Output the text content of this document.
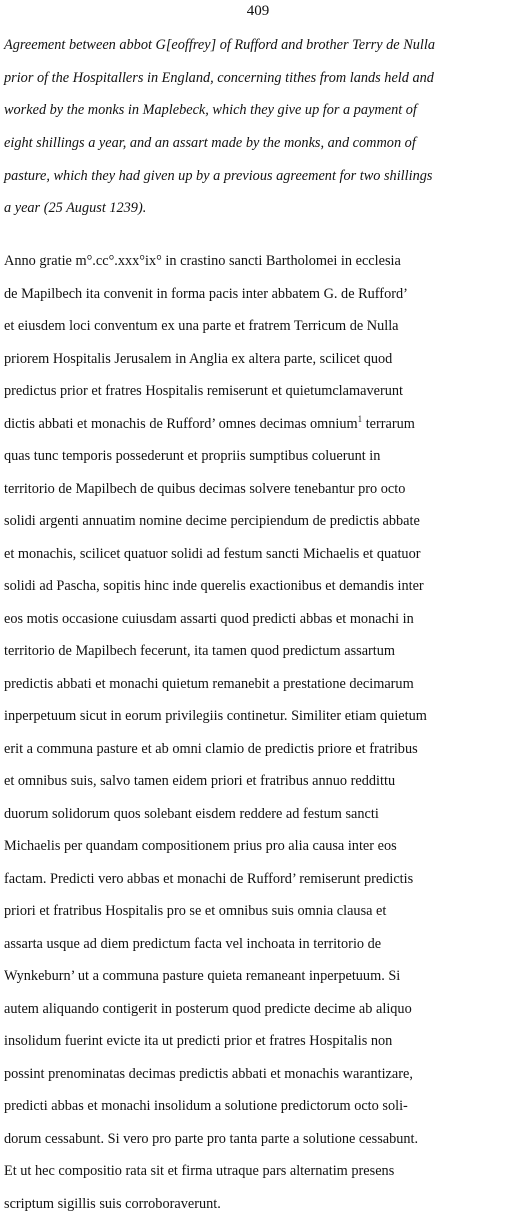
409

Agreement between abbot G[eoffrey] of Rufford and brother Terry de Nulla

prior of the Hospitallers in England, concerning tithes from lands held and

worked by the monks in Maplebeck, which they give up for a payment of

eight shillings a year, and an assart made by the monks, and common of

pasture, which they had given up by a previous agreement for two shillings

a year (25 August 1239).

Anno gratie m°.cc°.xxx°ix° in crastino sancti Bartholomei in ecclesia

de Mapilbech ita convenit in forma pacis inter abbatem G. de Rufford’

et eiusdem loci conventum ex una parte et fratrem Terricum de Nulla

priorem Hospitalis Jerusalem in Anglia ex altera parte, scilicet quod

predictus prior et fratres Hospitalis remiserunt et quietumclamaverunt

dictis abbati et monachis de Rufford’ omnes decimas omnium$^1$ terrarum

quas tunc temporis possederunt et propriis sumptibus coluerunt in

territorio de Mapilbech de quibus decimas solvere tenebantur pro octo

solidi argenti annuatim nomine decime percipiendum de predictis abbate

et monachis, scilicet quatuor solidi ad festum sancti Michaelis et quatuor

solidi ad Pascha, sopitis hinc inde querelis exactionibus et demandis inter

eos motis occasione cuiusdam assarti quod predicti abbas et monachi in

territorio de Mapilbech fecerunt, ita tamen quod predictum assartum

predictis abbati et monachi quietum remanebit a prestatione decimarum

inperpetuum sicut in eorum privilegiis continetur. Similiter etiam quietum

erit a communa pasture et ab omni clamio de predictis priore et fratribus

et omnibus suis, salvo tamen eidem priori et fratribus annuo reddittu

duorum solidorum quos solebant eisdem reddere ad festum sancti

Michaelis per quandam compositionem prius pro alia causa inter eos

factam. Predicti vero abbas et monachi de Rufford’ remiserunt predictis

priori et fratribus Hospitalis pro se et omnibus suis omnia clausa et

assarta usque ad diem predictum facta vel inchoata in territorio de

Wynkeburn’ ut a communa pasture quieta remaneant inperpetuum. Si

autem aliquando contigerit in posterum quod predicte decime ab aliquo

insolidum fuerint evicte ita ut predicti prior et fratres Hospitalis non

possint prenominatas decimas predictis abbati et monachis warantizare,

predicti abbas et monachi insolidum a solutione predictorum octo soli-

dorum cessabunt. Si vero pro parte pro tanta parte a solutione cessabunt.

Et ut hec compositio rata sit et firma utraque pars alternatim presens

scriptum sigillis suis corroboraverunt.
